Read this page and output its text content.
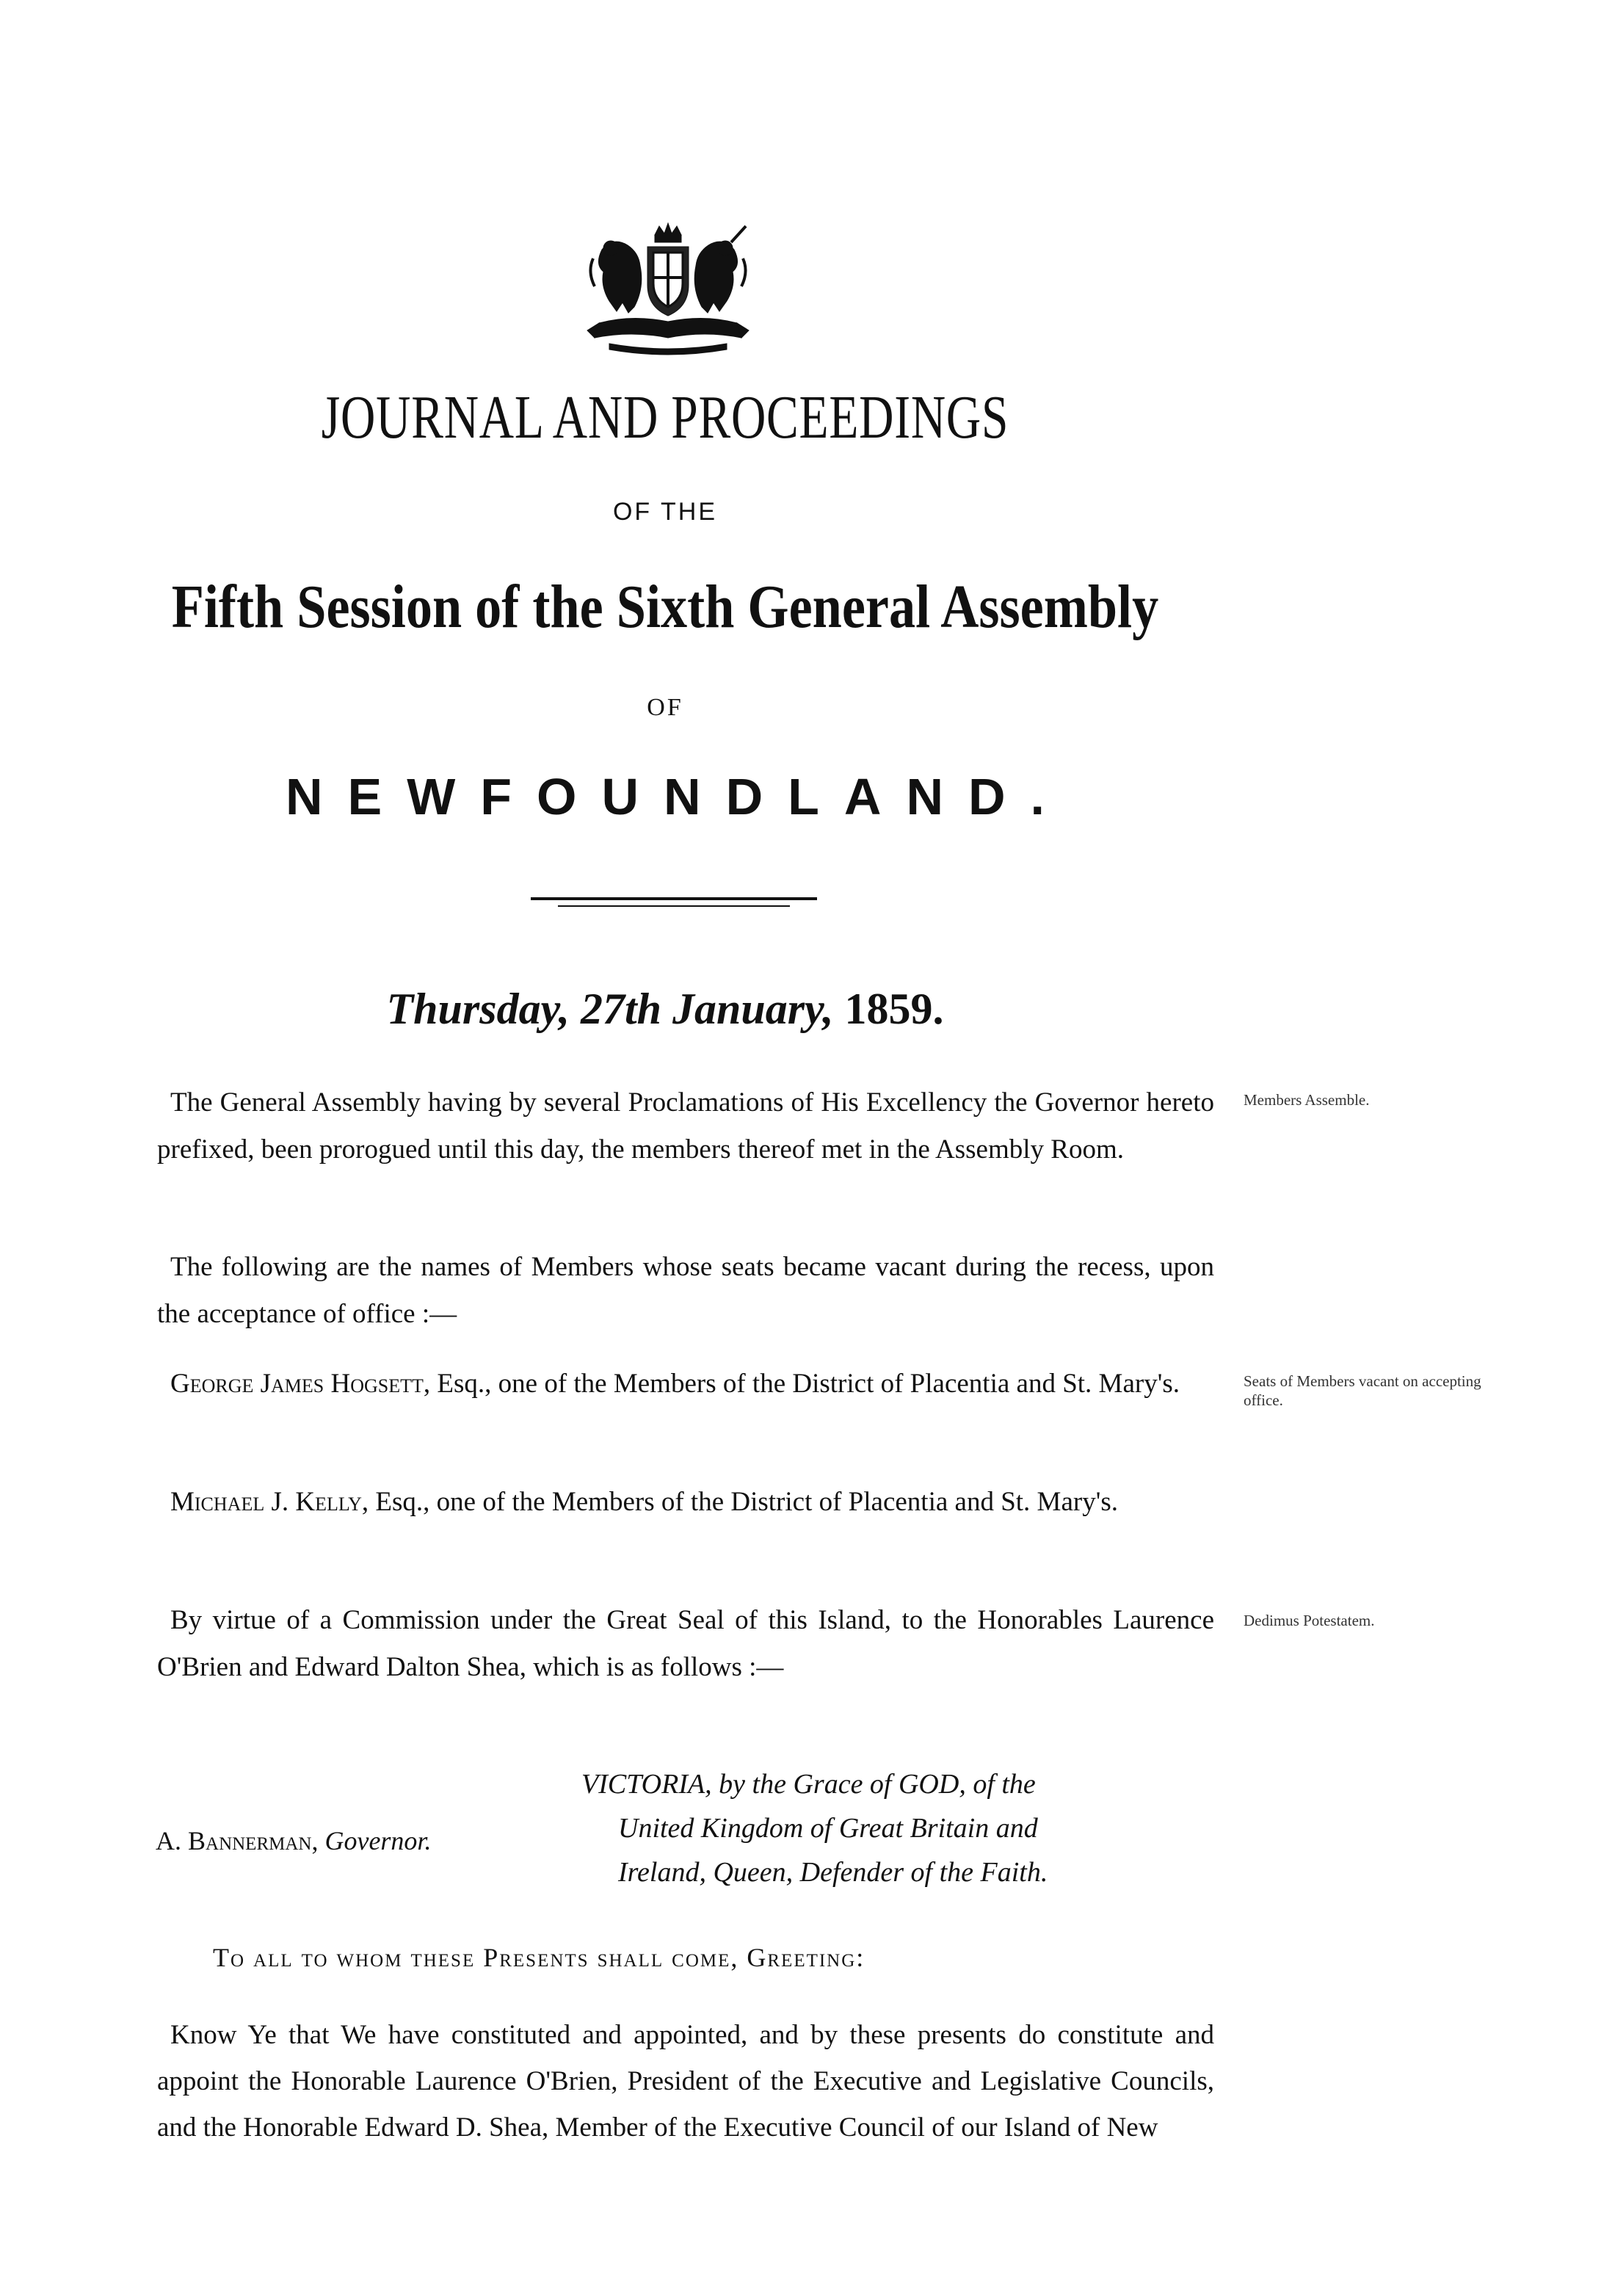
JOURNAL AND PROCEEDINGS
OF THE
Fifth Session of the Sixth General Assembly
OF
NEWFOUNDLAND.
Thursday, 27th January, 1859.

The General Assembly having by several Proclamations of His Excellency the Governor hereto prefixed, been prorogued until this day, the members thereof met in the Assembly Room.

Members Assemble.

The following are the names of Members whose seats became vacant during the recess, upon the acceptance of office :—

George James Hogsett, Esq., one of the Members of the District of Placentia and St. Mary's.	Seats of Members vacant on accepting office.

Michael J. Kelly, Esq., one of the Members of the District of Placentia and St. Mary's.

By virtue of a Commission under the Great Seal of this Island, to the Honorables Laurence O'Brien and Edward Dalton Shea, which is as follows :—

Dedimus Potestatem.
A. Bannerman, Governor.
VICTORIA, by the Grace of GOD, of the
United Kingdom of Great Britain and
Ireland, Queen, Defender of the Faith.
To all to whom these Presents shall come, Greeting:

Know Ye that We have constituted and appointed, and by these presents do constitute and appoint the Honorable Laurence O'Brien, President of the Executive and Legislative Councils, and the Honorable Edward D. Shea, Member of the Executive Council of our Island of New
